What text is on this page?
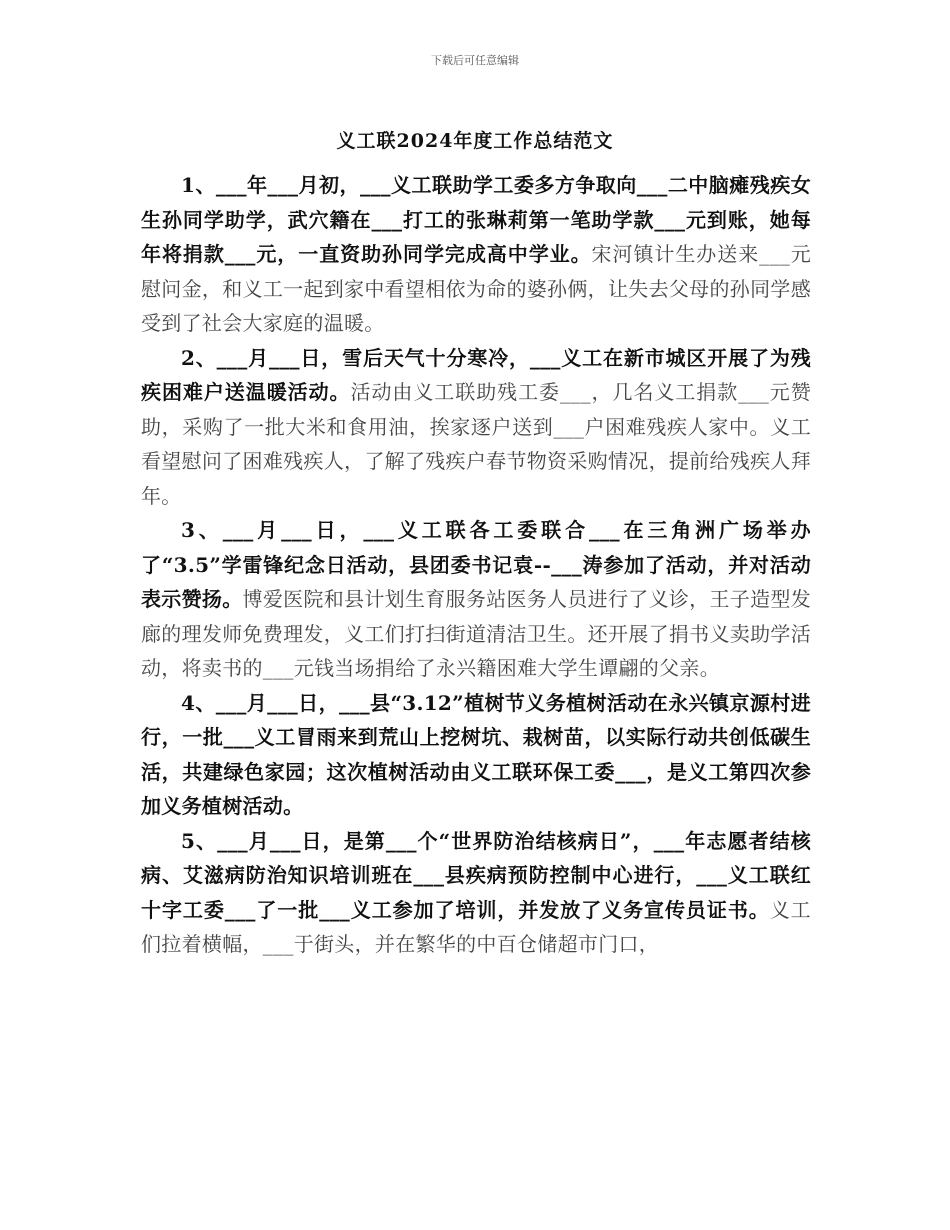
下载后可任意编辑
义工联2024年度工作总结范文

1、___年___月初，___义工联助学工委多方争取向___二中脑瘫残疾女生孙同学助学，武穴籍在___打工的张琳莉第一笔助学款___元到账，她每年将捐款___元，一直资助孙同学完成高中学业。宋河镇计生办送来___元慰问金，和义工一起到家中看望相依为命的婆孙俩，让失去父母的孙同学感受到了社会大家庭的温暖。

2、___月___日，雪后天气十分寒冷，___义工在新市城区开展了为残疾困难户送温暖活动。活动由义工联助残工委___，几名义工捐款___元赞助，采购了一批大米和食用油，挨家逐户送到___户困难残疾人家中。义工看望慰问了困难残疾人，了解了残疾户春节物资采购情况，提前给残疾人拜年。

3、___月___日，___义工联各工委联合___在三角洲广场举办了“3.5”学雷锋纪念日活动，县团委书记袁--___涛参加了活动，并对活动表示赞扬。博爱医院和县计划生育服务站医务人员进行了义诊，王子造型发廊的理发师免费理发，义工们打扫街道清洁卫生。还开展了捐书义卖助学活动，将卖书的___元钱当场捐给了永兴籍困难大学生谭翩的父亲。

4、___月___日，___县“3.12”植树节义务植树活动在永兴镇京源村进行，一批___义工冒雨来到荒山上挖树坑、栽树苗，以实际行动共创低碳生活，共建绿色家园；这次植树活动由义工联环保工委___，是义工第四次参加义务植树活动。

5、___月___日，是第___个“世界防治结核病日”，___年志愿者结核病、艾滋病防治知识培训班在___县疾病预防控制中心进行，___义工联红十字工委___了一批___义工参加了培训，并发放了义务宣传员证书。义工们拉着横幅，___于街头，并在繁华的中百仓储超市门口，
